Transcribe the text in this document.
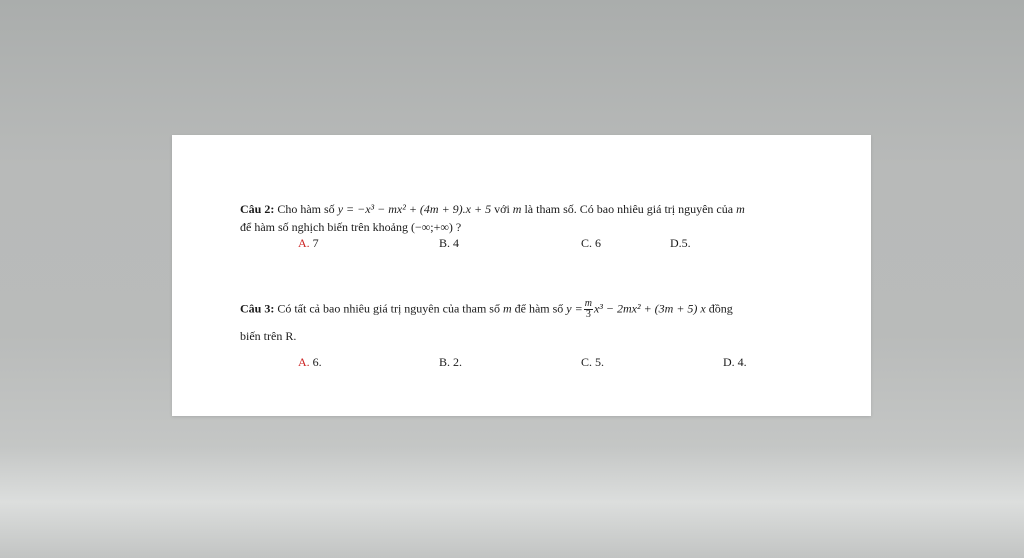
Câu 2: Cho hàm số y = −x³ − mx² + (4m + 9).x + 5 với m là tham số. Có bao nhiêu giá trị nguyên của m
để hàm số nghịch biến trên khoảng (−∞;+∞) ?
A. 7	B. 4	C. 6	D.5.
Câu 3: Có tất cả bao nhiêu giá trị nguyên của tham số m để hàm số $y = \frac{m}{3} x^3 - 2mx^2 + (3m + 5)$ x đồng
biến trên R.
A. 6.	B. 2.	C. 5.	D. 4.
